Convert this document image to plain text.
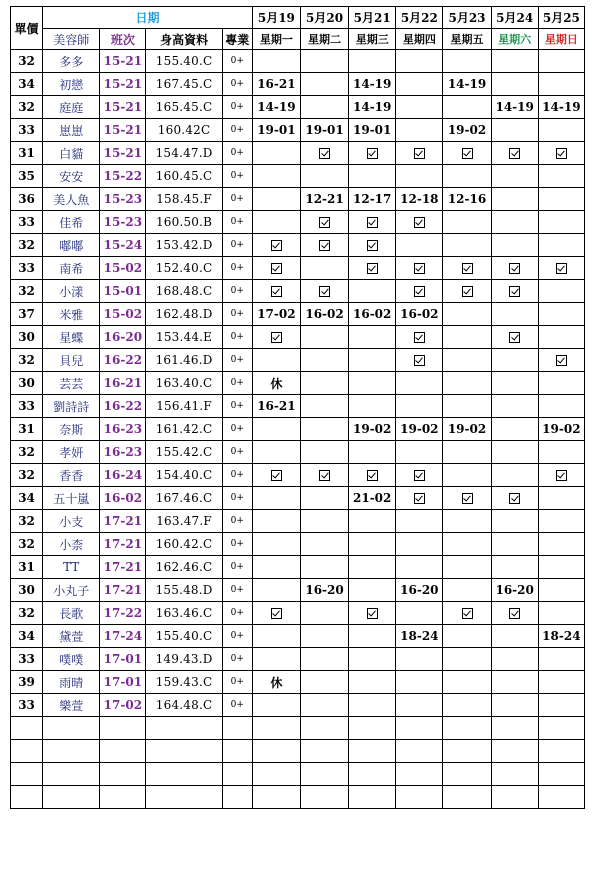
單價	日期				5月19	5月20	5月21	5月22	5月23	5月24	5月25
	美容師	班次	身高資料	專業	星期一	星期二	星期三	星期四	星期五	星期六	星期日
32	多多	15-21	155.40.C	0+							
34	初戀	15-21	167.45.C	0+	16-21		14-19		14-19		
32	庭庭	15-21	165.45.C	0+	14-19		14-19			14-19	14-19
33	崽崽	15-21	160.42C	0+	19-01	19-01	19-01		19-02		
31	白貓	15-21	154.47.D	0+							
35	安安	15-22	160.45.C	0+							
36	美人魚	15-23	158.45.F	0+		12-21	12-17	12-18	12-16		
33	佳希	15-23	160.50.B	0+							
32	嘟嘟	15-24	153.42.D	0+							
33	南希	15-02	152.40.C	0+							
32	小漾	15-01	168.48.C	0+							
37	米雅	15-02	162.48.D	0+	17-02	16-02	16-02	16-02			
30	星蝶	16-20	153.44.E	0+							
32	貝兒	16-22	161.46.D	0+							
30	芸芸	16-21	163.40.C	0+	休						
33	劉詩詩	16-22	156.41.F	0+	16-21						
31	奈斯	16-23	161.42.C	0+			19-02	19-02	19-02		19-02
32	孝妍	16-23	155.42.C	0+							
32	香香	16-24	154.40.C	0+							
34	五十嵐	16-02	167.46.C	0+			21-02				
32	小支	17-21	163.47.F	0+							
32	小柰	17-21	160.42.C	0+							
31	TT	17-21	162.46.C	0+							
30	小丸子	17-21	155.48.D	0+		16-20		16-20		16-20	
32	長歌	17-22	163.46.C	0+							
34	黛萱	17-24	155.40.C	0+				18-24			18-24
33	噗噗	17-01	149.43.D	0+							
39	雨晴	17-01	159.43.C	0+	休						
33	樂萱	17-02	164.48.C	0+							
